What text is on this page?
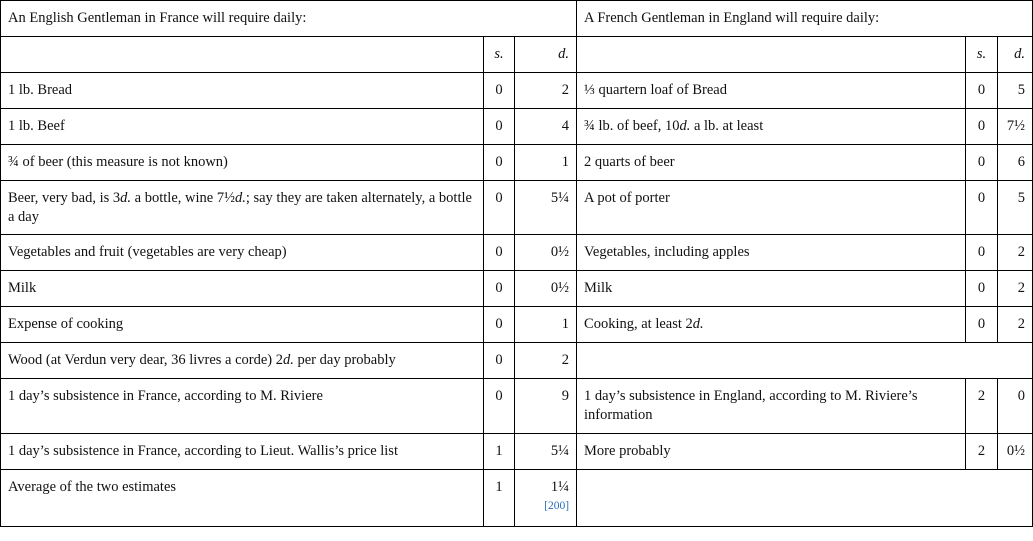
An English Gentleman in France will require daily:			A French Gentleman in England will require daily:		
	s.	d.		s.	d.
1 lb. Bread	0	2	⅓ quartern loaf of Bread	0	5
1 lb. Beef	0	4	¾ lb. of beef, 10d. a lb. at least	0	7½
¾ of beer (this measure is not known)	0	1	2 quarts of beer	0	6
Beer, very bad, is 3d. a bottle, wine 7½d.; say they are taken alternately, a bottle a day	0	5¼	A pot of porter	0	5
Vegetables and fruit (vegetables are very cheap)	0	0½	Vegetables, including apples	0	2
Milk	0	0½	Milk	0	2
Expense of cooking	0	1	Cooking, at least 2d.	0	2
Wood (at Verdun very dear, 36 livres a corde) 2d. per day probably	0	2			
1 day’s subsistence in France, according to M. Riviere	0	9	1 day’s subsistence in England, according to M. Riviere’s information	2	0
1 day’s subsistence in France, according to Lieut. Wallis’s price list	1	5¼	More probably	2	0½
Average of the two estimates	1	1¼
[200]			
